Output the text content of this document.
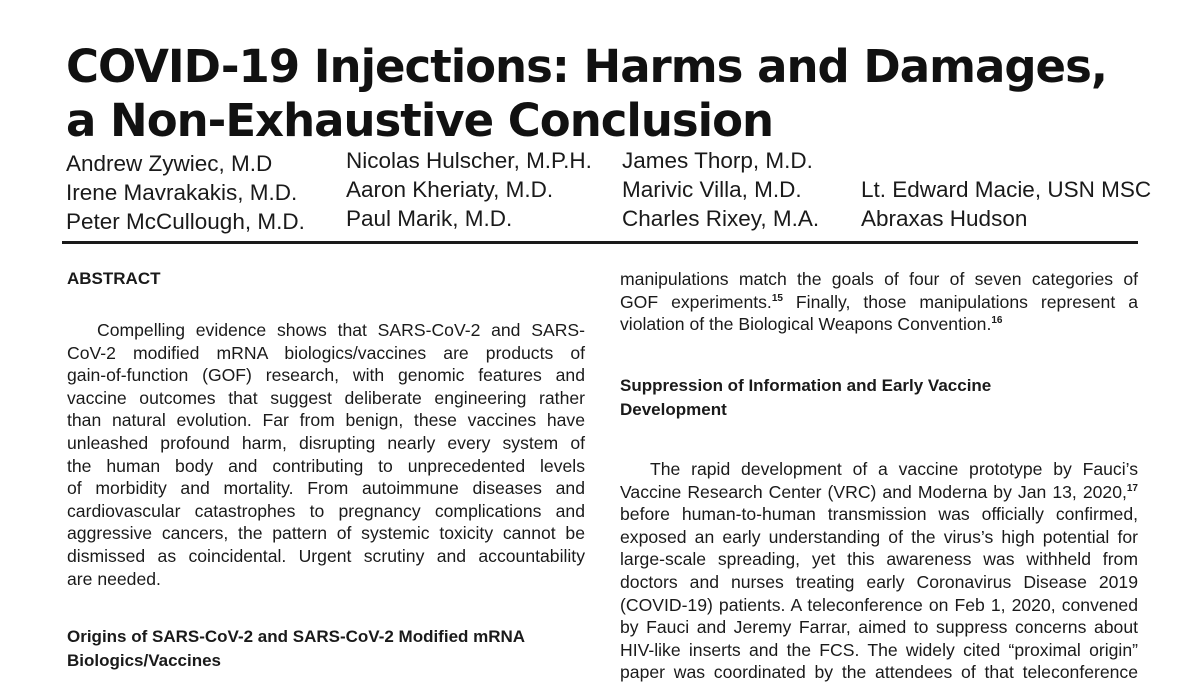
COVID-19 Injections: Harms and Damages,
a Non-Exhaustive Conclusion
Andrew Zywiec, M.D
Irene Mavrakakis, M.D.
Peter McCullough, M.D.
Nicolas Hulscher, M.P.H.
Aaron Kheriaty, M.D.
Paul Marik, M.D.
James Thorp, M.D.
Marivic Villa, M.D.
Charles Rixey, M.A.
Lt. Edward Macie, USN MSC
Abraxas Hudson
ABSTRACT
Compelling evidence shows that SARS-CoV-2 and SARS-
CoV-2 modified mRNA biologics/vaccines are products of
gain-of-function (GOF) research, with genomic features and
vaccine outcomes that suggest deliberate engineering rather
than natural evolution. Far from benign, these vaccines have
unleashed profound harm, disrupting nearly every system of
the human body and contributing to unprecedented levels
of morbidity and mortality. From autoimmune diseases and
cardiovascular catastrophes to pregnancy complications and
aggressive cancers, the pattern of systemic toxicity cannot be
dismissed as coincidental. Urgent scrutiny and accountability
are needed.
Origins of SARS-CoV-2 and SARS-CoV-2 Modified mRNA
Biologics/Vaccines
manipulations match the goals of four of seven categories of
GOF experiments.$^{15}$ Finally, those manipulations represent a
violation of the Biological Weapons Convention.$^{16}$
Suppression of Information and Early Vaccine
Development
The rapid development of a vaccine prototype by Fauci’s
Vaccine Research Center (VRC) and Moderna by Jan 13, 2020,17
before human-to-human transmission was officially confirmed,
exposed an early understanding of the virus’s high potential for
large-scale spreading, yet this awareness was withheld from
doctors and nurses treating early Coronavirus Disease 2019
(COVID-19) patients. A teleconference on Feb 1, 2020, convened
by Fauci and Jeremy Farrar, aimed to suppress concerns about
HIV-like inserts and the FCS. The widely cited “proximal origin”
paper was coordinated by the attendees of that teleconference
